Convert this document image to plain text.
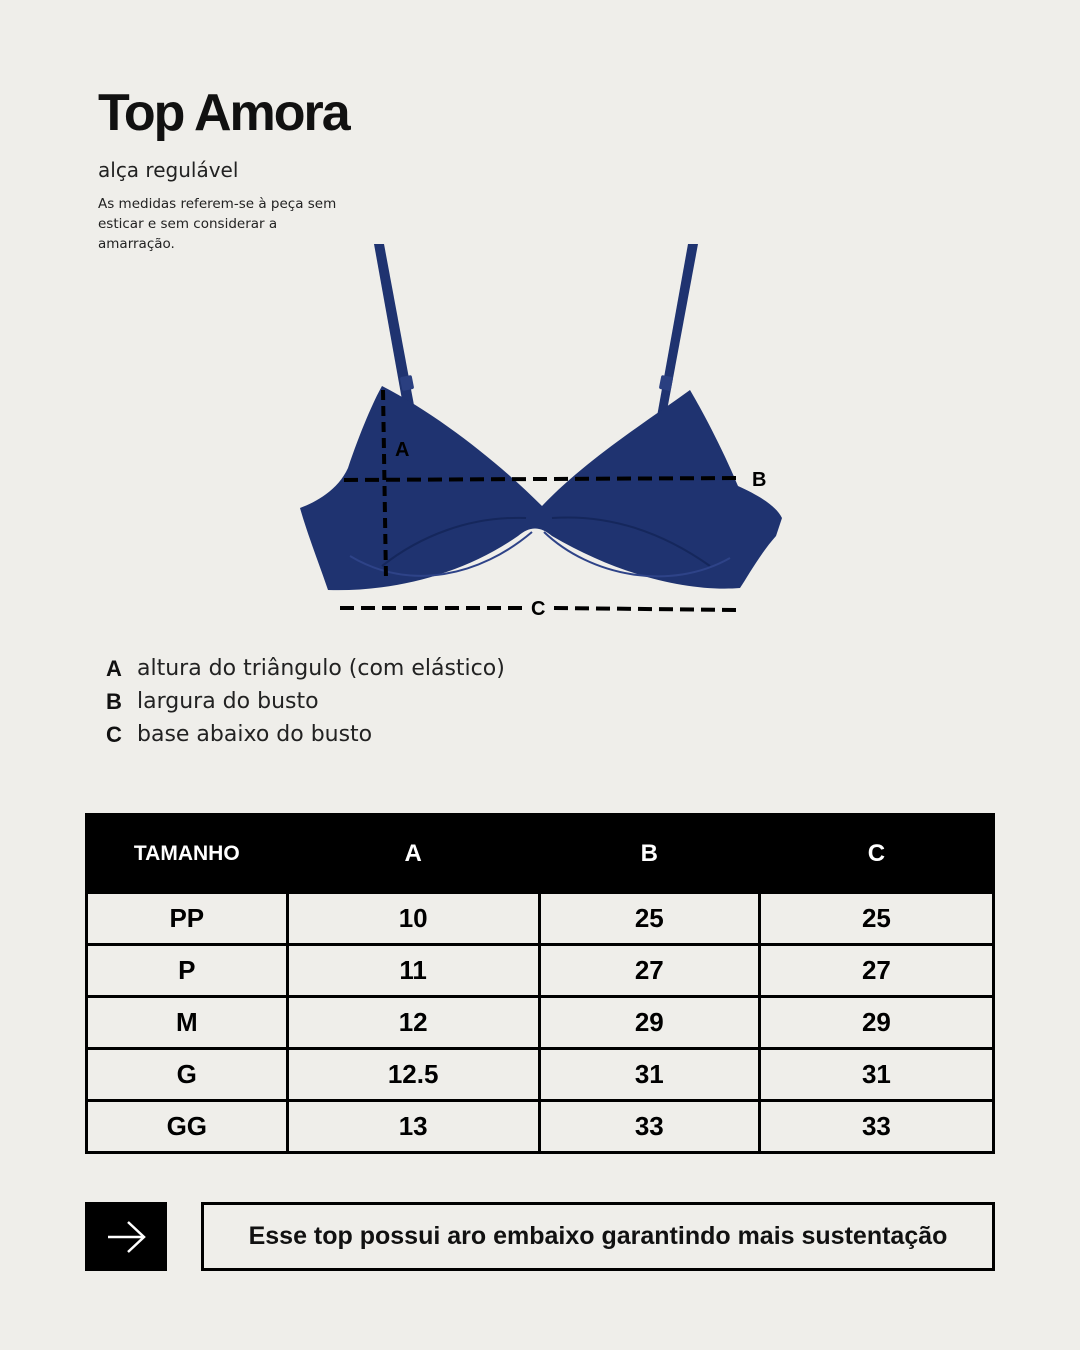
Top Amora
alça regulável
As medidas referem-se à peça sem esticar e sem considerar a amarração.
A
B
C
A altura do triângulo (com elástico)
B largura do busto
C base abaixo do busto
TAMANHO	A	B	C
PP	10	25	25
P	11	27	27
M	12	29	29
G	12.5	31	31
GG	13	33	33
Esse top possui aro embaixo garantindo mais sustentação
